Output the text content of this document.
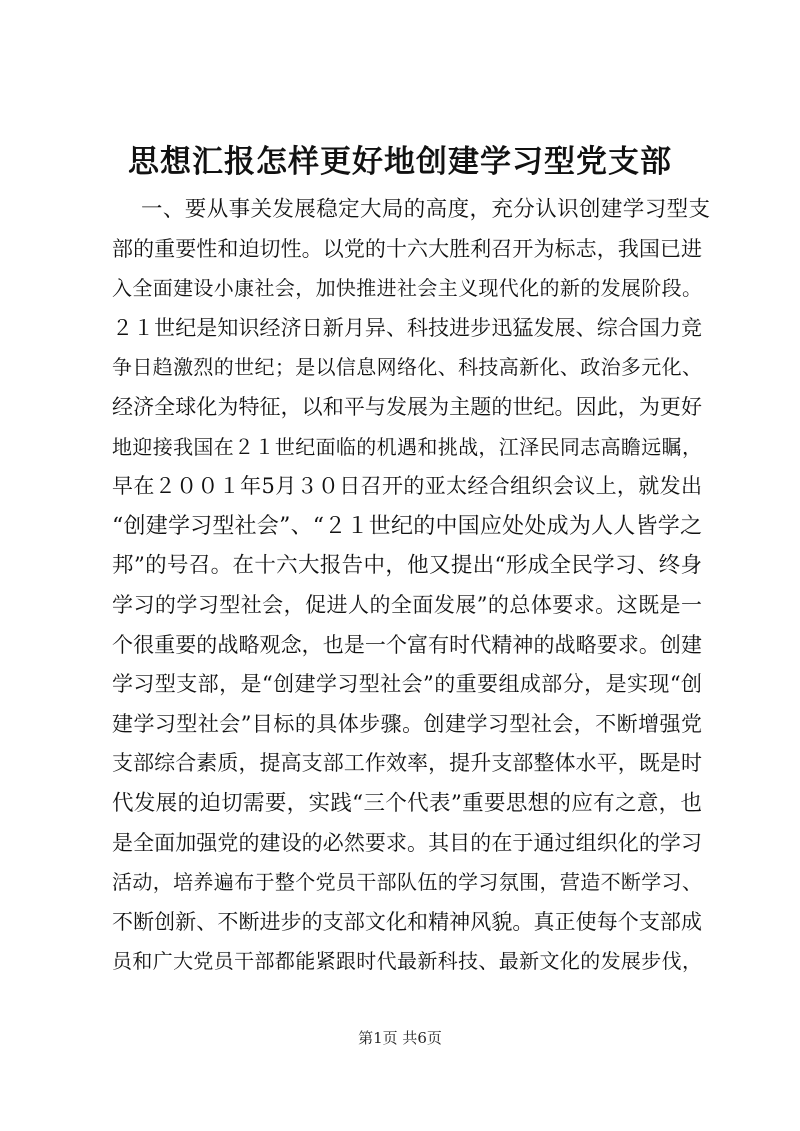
思想汇报怎样更好地创建学习型党支部
一、要从事关发展稳定大局的高度，充分认识创建学习型支
部的重要性和迫切性。以党的十六大胜利召开为标志，我国已进
入全面建设小康社会，加快推进社会主义现代化的新的发展阶段。
２１世纪是知识经济日新月异、科技进步迅猛发展、综合国力竞
争日趋激烈的世纪；是以信息网络化、科技高新化、政治多元化、
经济全球化为特征，以和平与发展为主题的世纪。因此，为更好
地迎接我国在２１世纪面临的机遇和挑战，江泽民同志高瞻远瞩，
早在２００１年5月３０日召开的亚太经合组织会议上，就发出
“创建学习型社会”、“２１世纪的中国应处处成为人人皆学之
邦”的号召。在十六大报告中，他又提出“形成全民学习、终身
学习的学习型社会，促进人的全面发展”的总体要求。这既是一
个很重要的战略观念，也是一个富有时代精神的战略要求。创建
学习型支部，是“创建学习型社会”的重要组成部分，是实现“创
建学习型社会”目标的具体步骤。创建学习型社会，不断增强党
支部综合素质，提高支部工作效率，提升支部整体水平，既是时
代发展的迫切需要，实践“三个代表”重要思想的应有之意，也
是全面加强党的建设的必然要求。其目的在于通过组织化的学习
活动，培养遍布于整个党员干部队伍的学习氛围，营造不断学习、
不断创新、不断进步的支部文化和精神风貌。真正使每个支部成
员和广大党员干部都能紧跟时代最新科技、最新文化的发展步伐，
第1页 共6页
